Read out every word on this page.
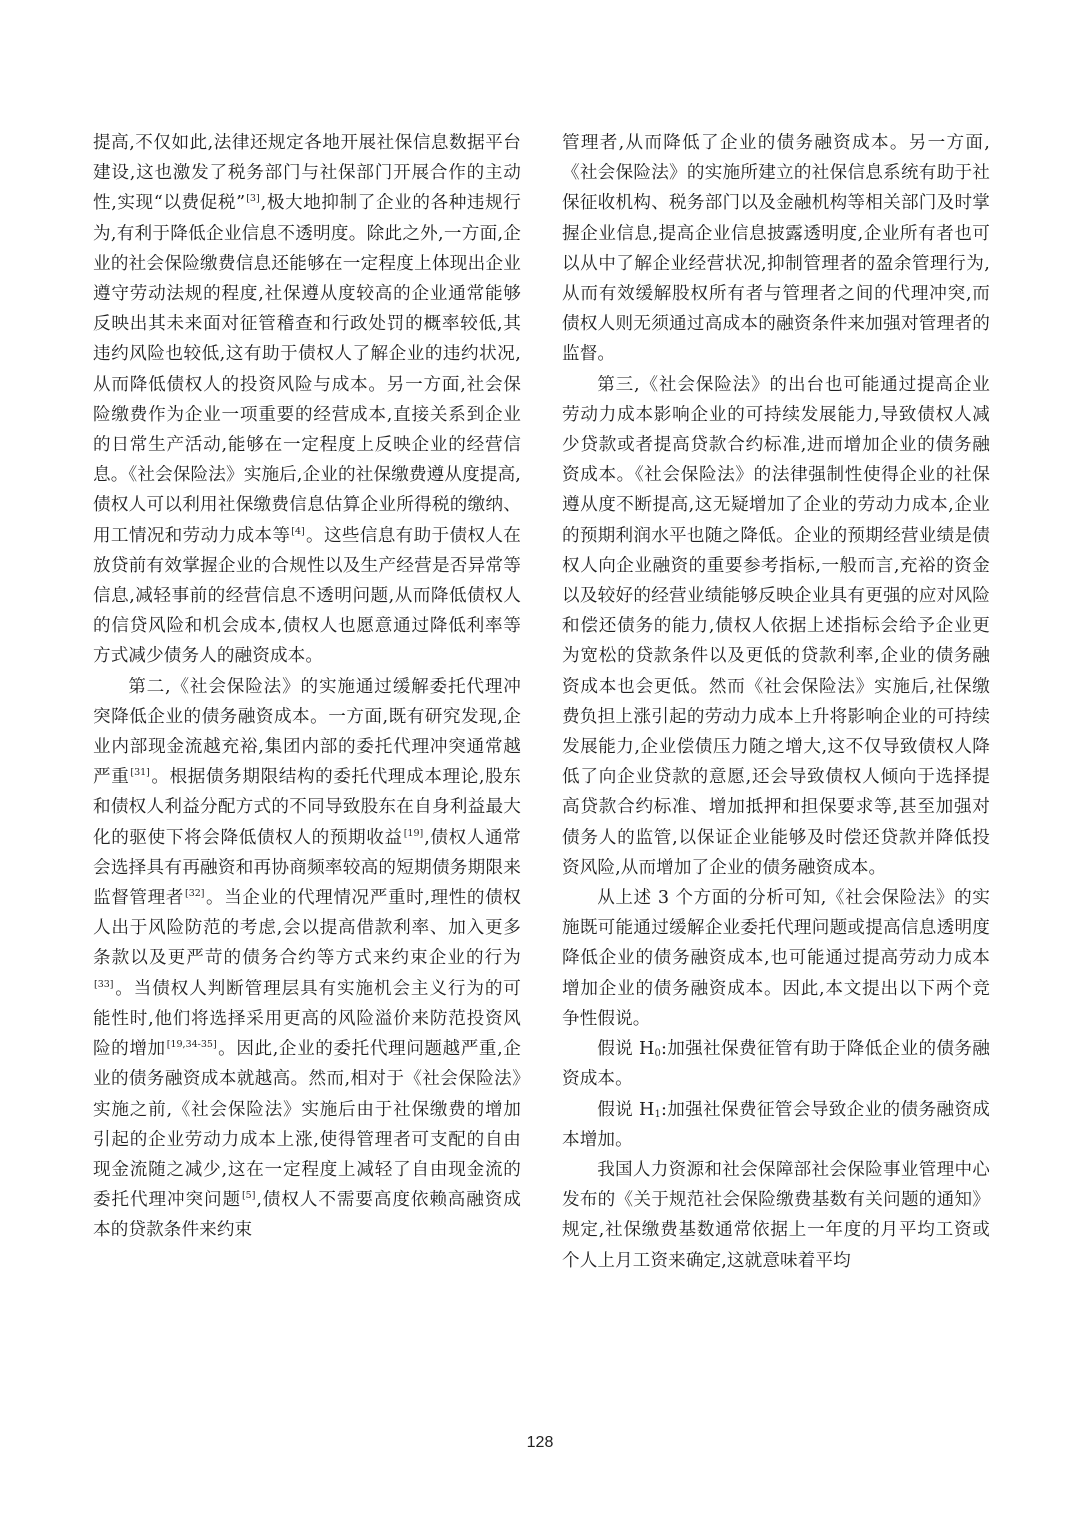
提高,不仅如此,法律还规定各地开展社保信息数据平台建设,这也激发了税务部门与社保部门开展合作的主动性,实现“以费促税”[3],极大地抑制了企业的各种违规行为,有利于降低企业信息不透明度。除此之外,一方面,企业的社会保险缴费信息还能够在一定程度上体现出企业遵守劳动法规的程度,社保遵从度较高的企业通常能够反映出其未来面对征管稽查和行政处罚的概率较低,其违约风险也较低,这有助于债权人了解企业的违约状况,从而降低债权人的投资风险与成本。另一方面,社会保险缴费作为企业一项重要的经营成本,直接关系到企业的日常生产活动,能够在一定程度上反映企业的经营信息。《社会保险法》实施后,企业的社保缴费遵从度提高,债权人可以利用社保缴费信息估算企业所得税的缴纳、用工情况和劳动力成本等[4]。这些信息有助于债权人在放贷前有效掌握企业的合规性以及生产经营是否异常等信息,减轻事前的经营信息不透明问题,从而降低债权人的信贷风险和机会成本,债权人也愿意通过降低利率等方式减少债务人的融资成本。

第二,《社会保险法》的实施通过缓解委托代理冲突降低企业的债务融资成本。一方面,既有研究发现,企业内部现金流越充裕,集团内部的委托代理冲突通常越严重[31]。根据债务期限结构的委托代理成本理论,股东和债权人利益分配方式的不同导致股东在自身利益最大化的驱使下将会降低债权人的预期收益[19],债权人通常会选择具有再融资和再协商频率较高的短期债务期限来监督管理者[32]。当企业的代理情况严重时,理性的债权人出于风险防范的考虑,会以提高借款利率、加入更多条款以及更严苛的债务合约等方式来约束企业的行为[33]。当债权人判断管理层具有实施机会主义行为的可能性时,他们将选择采用更高的风险溢价来防范投资风险的增加[19,34-35]。因此,企业的委托代理问题越严重,企业的债务融资成本就越高。然而,相对于《社会保险法》实施之前,《社会保险法》实施后由于社保缴费的增加引起的企业劳动力成本上涨,使得管理者可支配的自由现金流随之减少,这在一定程度上减轻了自由现金流的委托代理冲突问题[5],债权人不需要高度依赖高融资成本的贷款条件来约束

管理者,从而降低了企业的债务融资成本。另一方面,《社会保险法》的实施所建立的社保信息系统有助于社保征收机构、税务部门以及金融机构等相关部门及时掌握企业信息,提高企业信息披露透明度,企业所有者也可以从中了解企业经营状况,抑制管理者的盈余管理行为,从而有效缓解股权所有者与管理者之间的代理冲突,而债权人则无须通过高成本的融资条件来加强对管理者的监督。

第三,《社会保险法》的出台也可能通过提高企业劳动力成本影响企业的可持续发展能力,导致债权人减少贷款或者提高贷款合约标准,进而增加企业的债务融资成本。《社会保险法》的法律强制性使得企业的社保遵从度不断提高,这无疑增加了企业的劳动力成本,企业的预期利润水平也随之降低。企业的预期经营业绩是债权人向企业融资的重要参考指标,一般而言,充裕的资金以及较好的经营业绩能够反映企业具有更强的应对风险和偿还债务的能力,债权人依据上述指标会给予企业更为宽松的贷款条件以及更低的贷款利率,企业的债务融资成本也会更低。然而《社会保险法》实施后,社保缴费负担上涨引起的劳动力成本上升将影响企业的可持续发展能力,企业偿债压力随之增大,这不仅导致债权人降低了向企业贷款的意愿,还会导致债权人倾向于选择提高贷款合约标准、增加抵押和担保要求等,甚至加强对债务人的监管,以保证企业能够及时偿还贷款并降低投资风险,从而增加了企业的债务融资成本。

从上述 3 个方面的分析可知,《社会保险法》的实施既可能通过缓解企业委托代理问题或提高信息透明度降低企业的债务融资成本,也可能通过提高劳动力成本增加企业的债务融资成本。因此,本文提出以下两个竞争性假说。

假说 $H_0$:加强社保费征管有助于降低企业的债务融资成本。

假说 $H_1$:加强社保费征管会导致企业的债务融资成本增加。

我国人力资源和社会保障部社会保险事业管理中心发布的《关于规范社会保险缴费基数有关问题的通知》规定,社保缴费基数通常依据上一年度的月平均工资或个人上月工资来确定,这就意味着平均

128
